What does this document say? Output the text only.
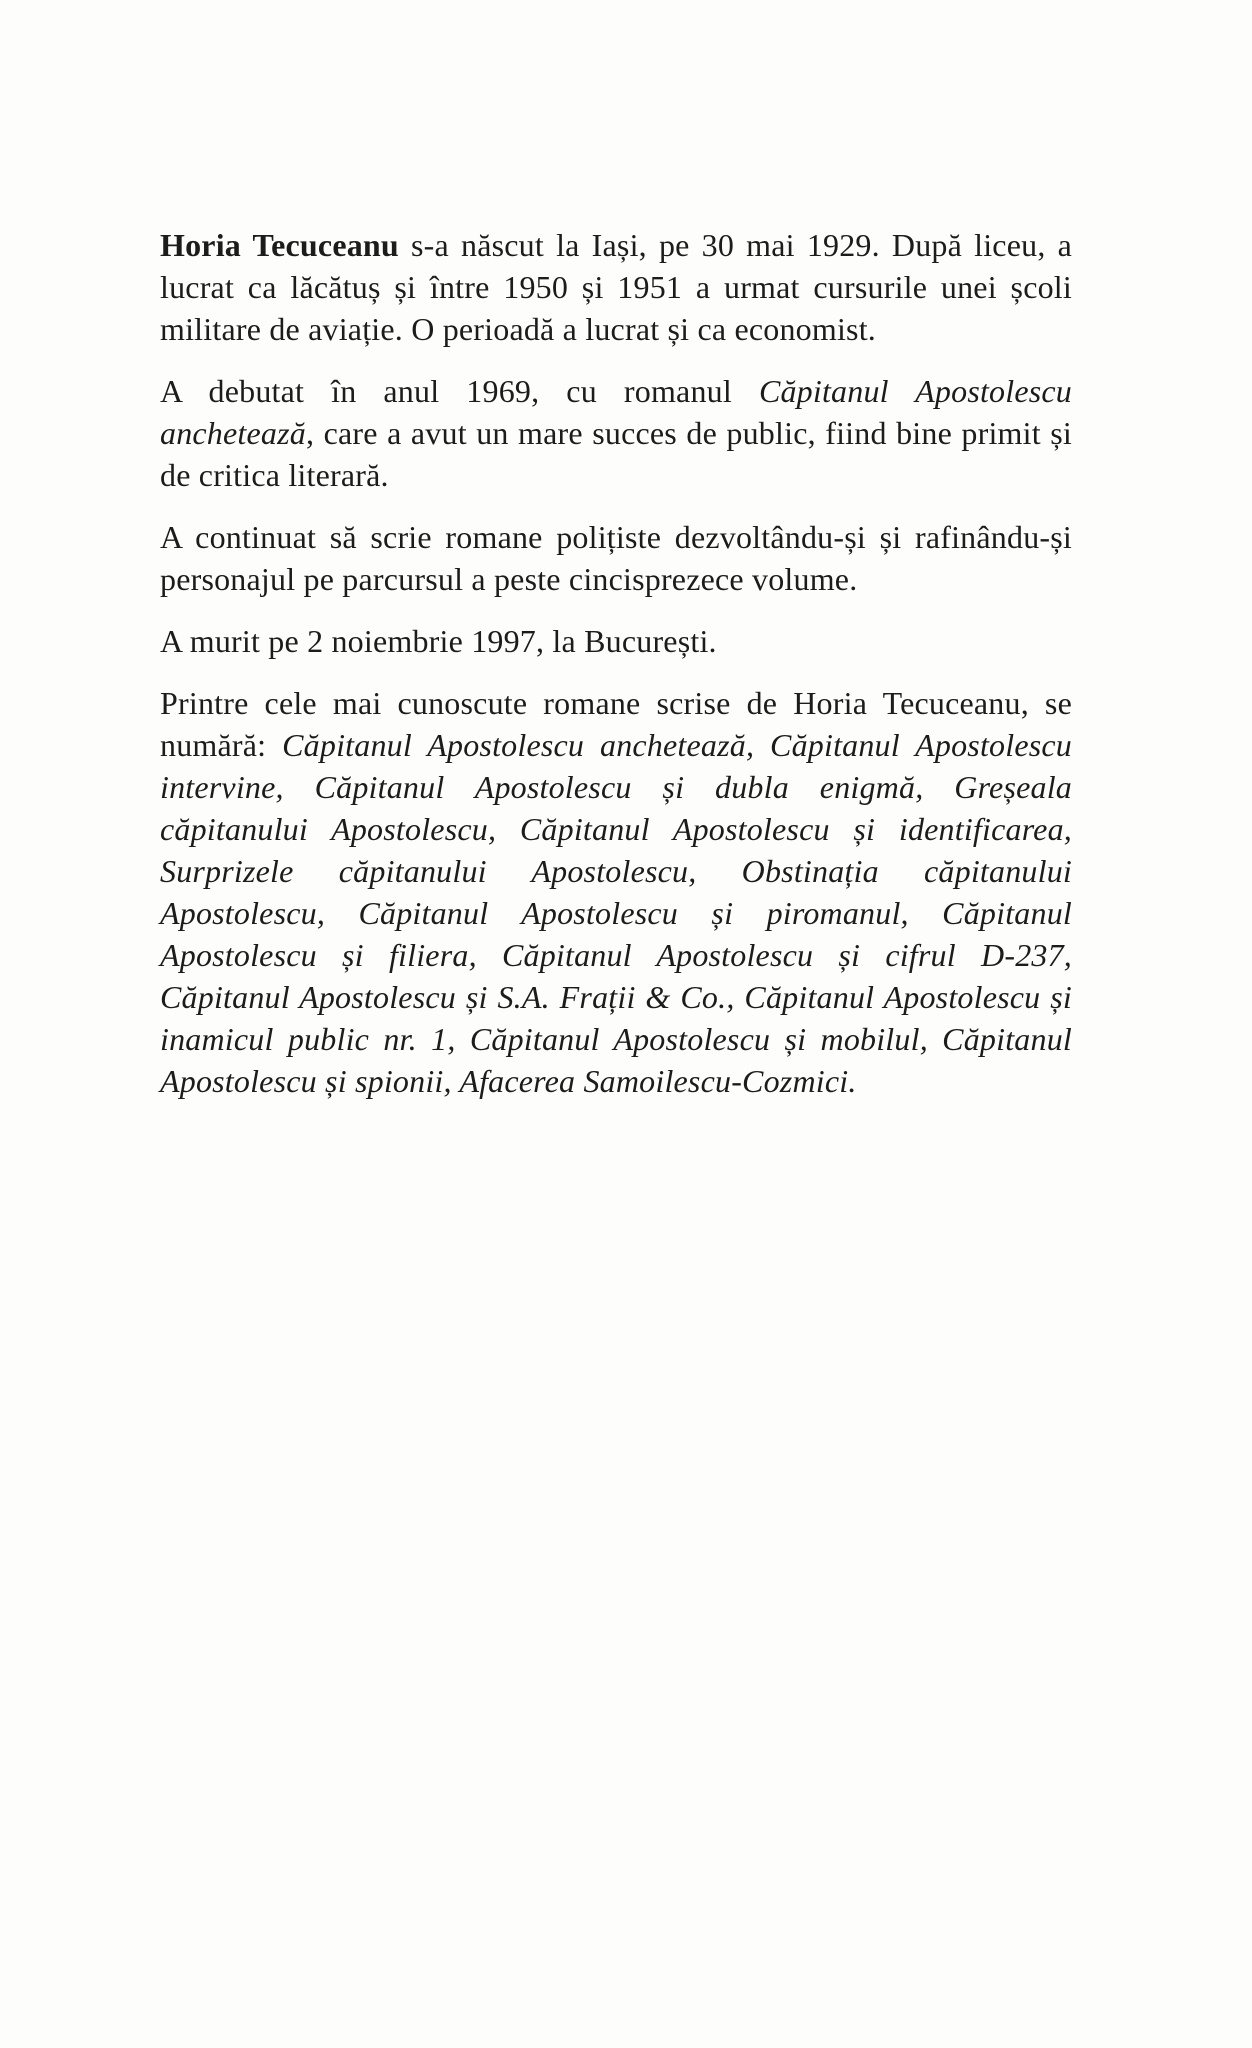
Horia Tecuceanu s-a născut la Iași, pe 30 mai 1929. După liceu, a lucrat ca lăcătuș și între 1950 și 1951 a urmat cursurile unei școli militare de aviație. O perioadă a lucrat și ca economist.

A debutat în anul 1969, cu romanul Căpitanul Apostolescu anchetează, care a avut un mare succes de public, fiind bine primit și de critica literară.

A continuat să scrie romane polițiste dezvoltându-și și rafinându-și personajul pe parcursul a peste cincisprezece volume.

A murit pe 2 noiembrie 1997, la București.

Printre cele mai cunoscute romane scrise de Horia Tecuceanu, se numără: Căpitanul Apostolescu anchetează, Căpitanul Apostolescu intervine, Căpitanul Apostolescu și dubla enigmă, Greșeala căpitanului Apostolescu, Căpitanul Apostolescu și identificarea, Surprizele căpitanului Apostolescu, Obstinația căpitanului Apostolescu, Căpitanul Apostolescu și piromanul, Căpitanul Apostolescu și filiera, Căpitanul Apostolescu și cifrul D-237, Căpitanul Apostolescu și S.A. Frații & Co., Căpitanul Apostolescu și inamicul public nr. 1, Căpitanul Apostolescu și mobilul, Căpitanul Apostolescu și spionii, Afacerea Samoilescu-Cozmici.
